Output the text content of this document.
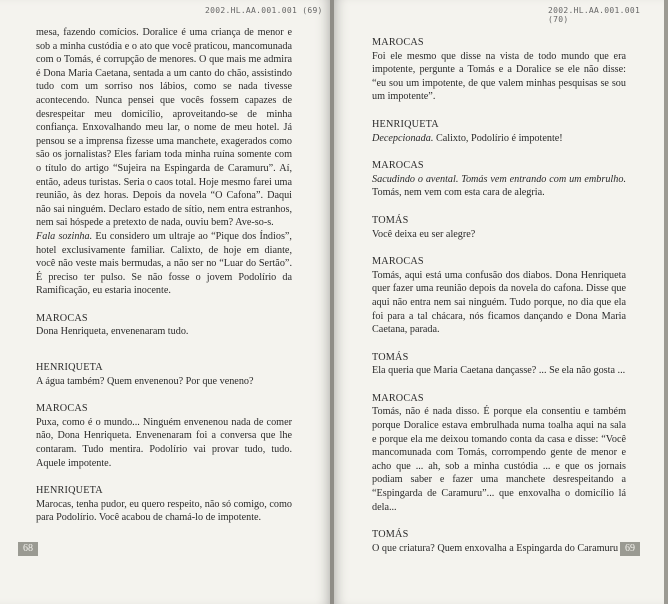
2002.HL.AA.001.001 (69)

mesa, fazendo comícios. Doralice é uma criança de menor e sob a minha custódia e o ato que você praticou, mancomunada com o Tomás, é corrupção de menores. O que mais me admira é Dona Maria Caetana, sentada a um canto do chão, assistindo tudo com um sorriso nos lábios, como se nada tivesse acontecendo. Nunca pensei que vocês fossem capazes de desrespeitar meu domicílio, aproveitando-se de minha confiança. Enxovalhando meu lar, o nome de meu hotel. Já pensou se a imprensa fizesse uma manchete, exagerados como são os jornalistas? Eles fariam toda minha ruína somente com o título do artigo “Sujeira na Espingarda de Caramuru”. Aí, então, adeus turistas. Seria o caos total. Hoje mesmo farei uma reunião, às dez horas. Depois da novela “O Cafona”. Daqui não sai ninguém. Declaro estado de sítio, nem entra estranhos, nem sai hóspede a pretexto de nada, ouviu bem? Ave-so-s.

Fala sozinha. Eu considero um ultraje ao “Pique dos Índios”, hotel exclusivamente familiar. Calixto, de hoje em diante, você não veste mais bermudas, a não ser no “Luar do Sertão”. É preciso ter pulso. Se não fosse o jovem Podolírio da Ramificação, eu estaria inocente.

MAROCAS

Dona Henriqueta, envenenaram tudo.

HENRIQUETA

A água também? Quem envenenou? Por que veneno?

MAROCAS

Puxa, como é o mundo... Ninguém envenenou nada de comer não, Dona Henriqueta. Envenenaram foi a conversa que lhe contaram. Tudo mentira. Podolírio vai provar tudo, tudo. Aquele impotente.

HENRIQUETA

Marocas, tenha pudor, eu quero respeito, não só comigo, como para Podolírio. Você acabou de chamá-lo de impotente.

68
2002.HL.AA.001.001 (70)

MAROCAS

Foi ele mesmo que disse na vista de todo mundo que era impotente, pergunte a Tomás e a Doralice se ele não disse: “eu sou um impotente, de que valem minhas pesquisas se sou um impotente”.

HENRIQUETA

Decepcionada. Calixto, Podolírio é impotente!

MAROCAS

Sacudindo o avental. Tomás vem entrando com um embrulho. Tomás, nem vem com esta cara de alegria.

TOMÁS

Você deixa eu ser alegre?

MAROCAS

Tomás, aqui está uma confusão dos diabos. Dona Henriqueta quer fazer uma reunião depois da novela do cafona. Disse que aqui não entra nem sai ninguém. Tudo porque, no dia que ela foi para a tal chácara, nós ficamos dançando e Dona Maria Caetana, parada.

TOMÁS

Ela queria que Maria Caetana dançasse? ... Se ela não gosta ...

MAROCAS

Tomás, não é nada disso. É porque ela consentiu e também porque Doralice estava embrulhada numa toalha aqui na sala e porque ela me deixou tomando conta da casa e disse: “Você mancomunada com Tomás, corrompendo gente de menor e acho que ... ah, sob a minha custódia ... e que os jornais podiam saber e fazer uma manchete desrespeitando a “Espingarda de Caramuru”... que enxovalha o domicílio lá dela...

TOMÁS

O que criatura? Quem enxovalha a Espingarda do Caramuru 69
